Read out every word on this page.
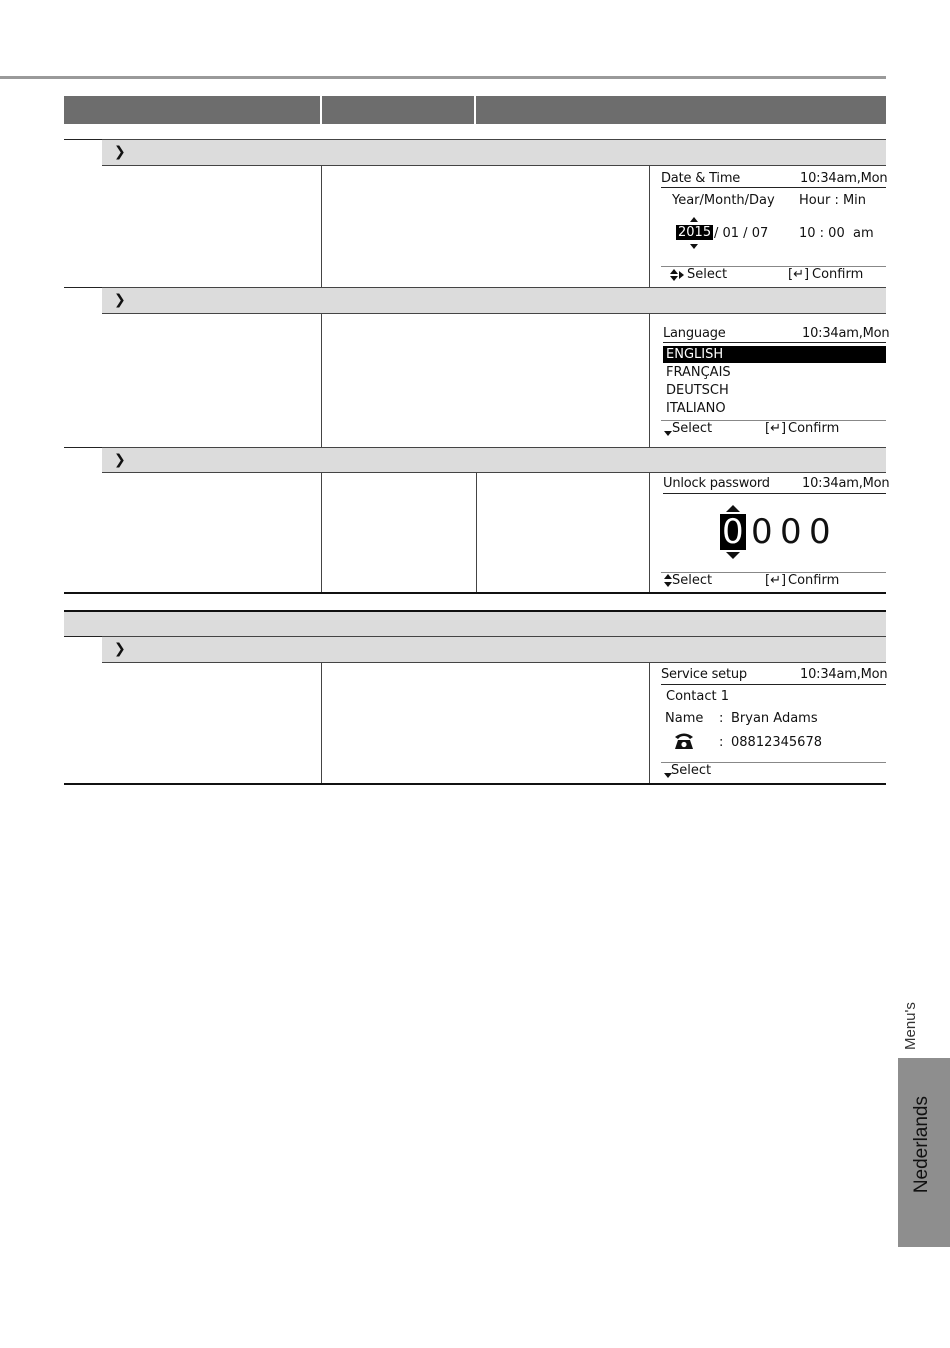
❯
Date & Time	10:34am,Mon
Year/Month/Day Hour : Min
2015 / 01 / 07 10 : 00  am
Select	[↵] Confirm
❯
Language	10:34am,Mon
ENGLISH
FRANÇAIS
DEUTSCH
ITALIANO
Select	[↵] Confirm
❯
Unlock password 10:34am,Mon
0 0 0 0
Select	[↵] Confirm
❯
Service setup	10:34am,Mon
Contact 1
Name : Bryan Adams
: 08812345678
Select
Menu's
Nederlands
